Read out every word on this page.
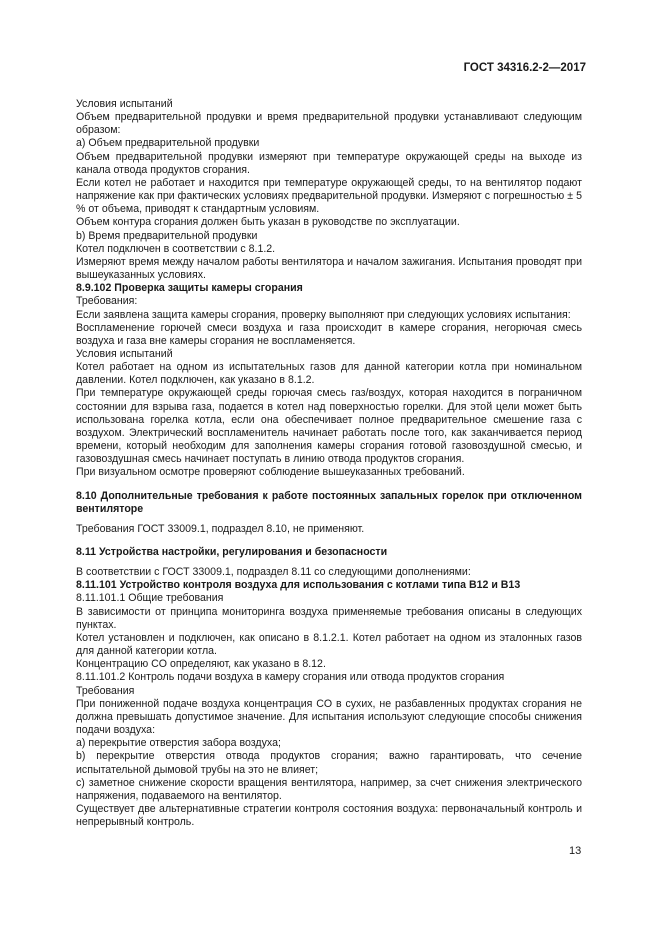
ГОСТ 34316.2-2—2017

Условия испытаний

Объем предварительной продувки и время предварительной продувки устанавливают следующим образом:

a) Объем предварительной продувки

Объем предварительной продувки измеряют при температуре окружающей среды на выходе из канала отвода продуктов сгорания.

Если котел не работает и находится при температуре окружающей среды, то на вентилятор подают напряжение как при фактических условиях предварительной продувки. Измеряют с погрешностью ± 5 % от объема, приводят к стандартным условиям.

Объем контура сгорания должен быть указан в руководстве по эксплуатации.

b) Время предварительной продувки

Котел подключен в соответствии с 8.1.2.

Измеряют время между началом работы вентилятора и началом зажигания. Испытания проводят при вышеуказанных условиях.

8.9.102 Проверка защиты камеры сгорания

Требования:

Если заявлена защита камеры сгорания, проверку выполняют при следующих условиях испытания:

Воспламенение горючей смеси воздуха и газа происходит в камере сгорания, негорючая смесь воздуха и газа вне камеры сгорания не воспламеняется.

Условия испытаний

Котел работает на одном из испытательных газов для данной категории котла при номинальном давлении. Котел подключен, как указано в 8.1.2.

При температуре окружающей среды горючая смесь газ/воздух, которая находится в пограничном состоянии для взрыва газа, подается в котел над поверхностью горелки. Для этой цели может быть использована горелка котла, если она обеспечивает полное предварительное смешение газа с воздухом. Электрический воспламенитель начинает работать после того, как заканчивается период времени, который необходим для заполнения камеры сгорания готовой газовоздушной смесью, и газовоздушная смесь начинает поступать в линию отвода продуктов сгорания.

При визуальном осмотре проверяют соблюдение вышеуказанных требований.

8.10 Дополнительные требования к работе постоянных запальных горелок при отключенном вентиляторе

Требования ГОСТ 33009.1, подраздел 8.10, не применяют.

8.11 Устройства настройки, регулирования и безопасности

В соответствии с ГОСТ 33009.1, подраздел 8.11 со следующими дополнениями:

8.11.101 Устройство контроля воздуха для использования с котлами типа B12 и B13

8.11.101.1 Общие требования

В зависимости от принципа мониторинга воздуха применяемые требования описаны в следующих пунктах.

Котел установлен и подключен, как описано в 8.1.2.1. Котел работает на одном из эталонных газов для данной категории котла.

Концентрацию CO определяют, как указано в 8.12.

8.11.101.2 Контроль подачи воздуха в камеру сгорания или отвода продуктов сгорания

Требования

При пониженной подаче воздуха концентрация CO в сухих, не разбавленных продуктах сгорания не должна превышать допустимое значение. Для испытания используют следующие способы снижения подачи воздуха:

a) перекрытие отверстия забора воздуха;

b) перекрытие отверстия отвода продуктов сгорания; важно гарантировать, что сечение испытательной дымовой трубы на это не влияет;

c) заметное снижение скорости вращения вентилятора, например, за счет снижения электрического напряжения, подаваемого на вентилятор.

Существует две альтернативные стратегии контроля состояния воздуха: первоначальный контроль и непрерывный контроль.

13
